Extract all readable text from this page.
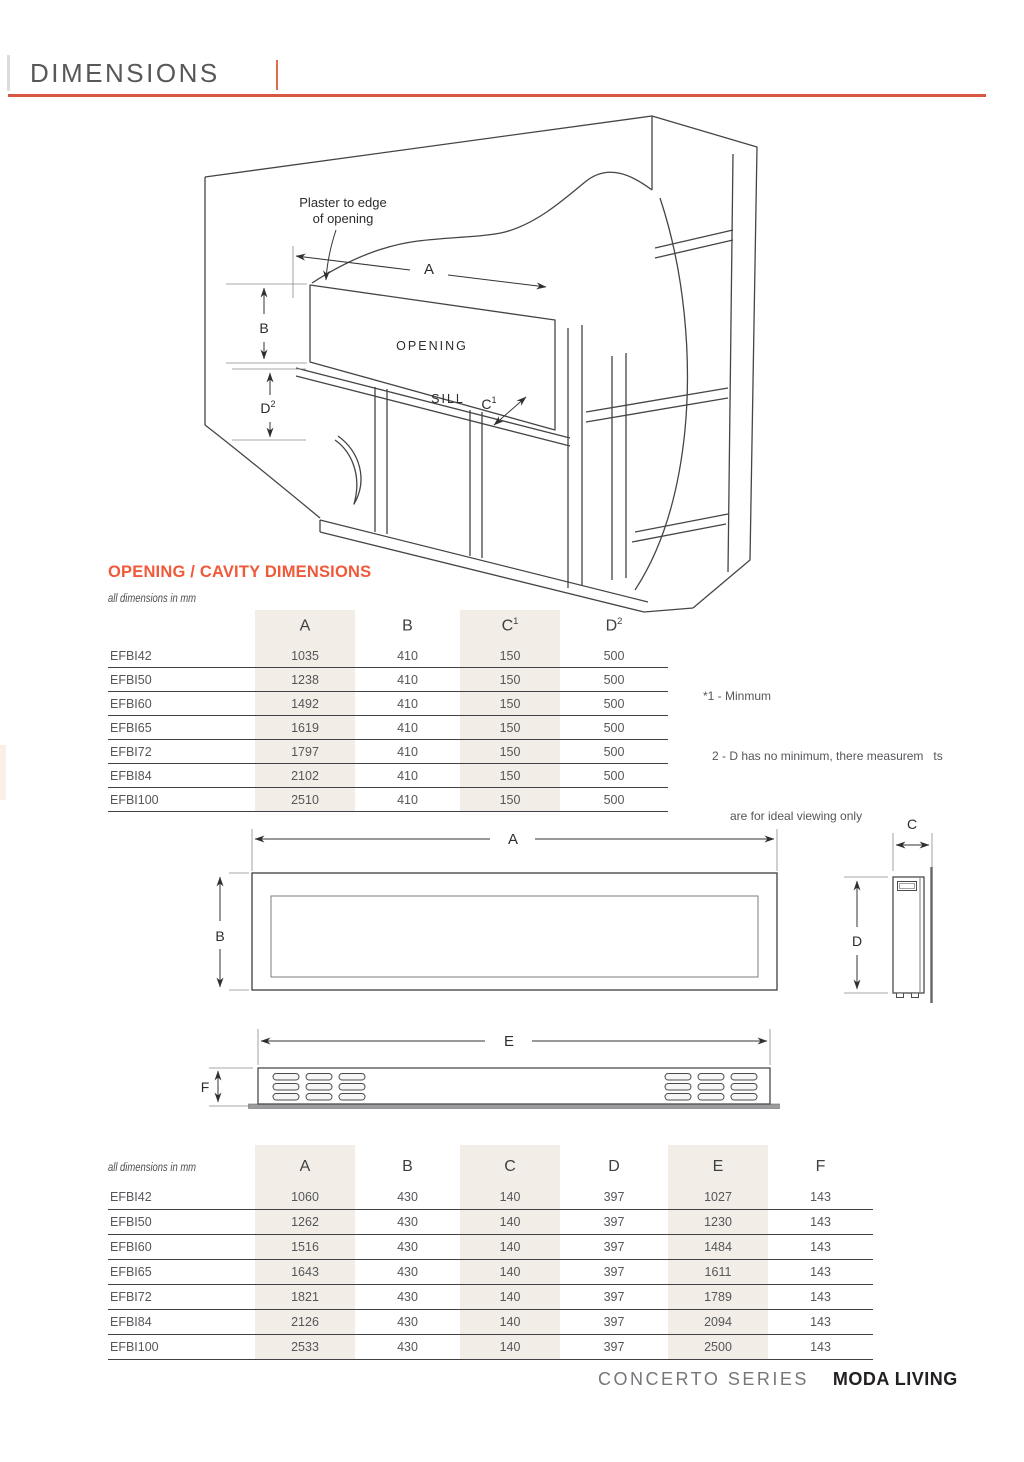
DIMENSIONS
Plaster to edge
of opening
A
B
$D^2$
OPENING
SILL $C^1$
OPENING / CAVITY DIMENSIONS
all dimensions in mm
	A	B	$C^1$	$D^2$
EFBI42	1035	410	150	500
EFBI50	1238	410	150	500
EFBI60	1492	410	150	500
EFBI65	1619	410	150	500
EFBI72	1797	410	150	500
EFBI84	2102	410	150	500
EFBI100	2510	410	150	500

*1 - Minmum

2 - D has no minimum, there measurem   ts

are for ideal viewing only

A
B
C
D
E
F
all dimensions in mm	A	B	C	D	E	F
EFBI42	1060	430	140	397	1027	143
EFBI50	1262	430	140	397	1230	143
EFBI60	1516	430	140	397	1484	143
EFBI65	1643	430	140	397	1611	143
EFBI72	1821	430	140	397	1789	143
EFBI84	2126	430	140	397	2094	143
EFBI100	2533	430	140	397	2500	143
CONCERTO SERIES MODA LIVING
